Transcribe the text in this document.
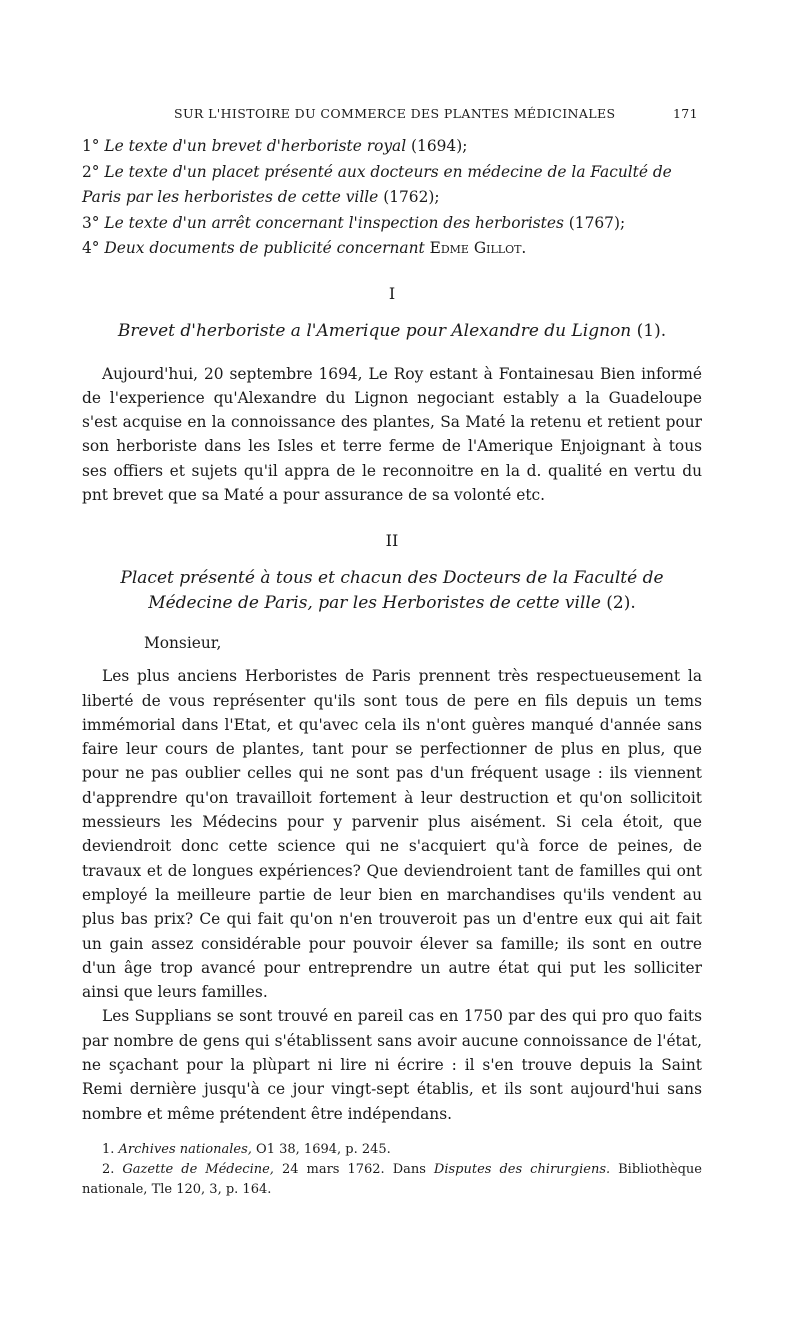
SUR L'HISTOIRE DU COMMERCE DES PLANTES MÉDICINALES	171

1° Le texte d'un brevet d'herboriste royal (1694);

2° Le texte d'un placet présenté aux docteurs en médecine de la Faculté de Paris par les herboristes de cette ville (1762);

3° Le texte d'un arrêt concernant l'inspection des herboristes (1767);

4° Deux documents de publicité concernant Edme Gillot.

I
Brevet d'herboriste a l'Amerique pour Alexandre du Lignon (1).

Aujourd'hui, 20 septembre 1694, Le Roy estant à Fontainesau Bien informé de l'experience qu'Alexandre du Lignon negociant estably a la Guadeloupe s'est acquise en la connoissance des plantes, Sa Maté la retenu et retient pour son herboriste dans les Isles et terre ferme de l'Amerique Enjoignant à tous ses offiers et sujets qu'il appra de le reconnoitre en la d. qualité en vertu du pnt brevet que sa Maté a pour assurance de sa volonté etc.

II
Placet présenté à tous et chacun des Docteurs de la Faculté de Médecine de Paris, par les Herboristes de cette ville (2).
Monsieur,

Les plus anciens Herboristes de Paris prennent très respectueusement la liberté de vous représenter qu'ils sont tous de pere en fils depuis un tems immémorial dans l'Etat, et qu'avec cela ils n'ont guères manqué d'année sans faire leur cours de plantes, tant pour se perfectionner de plus en plus, que pour ne pas oublier celles qui ne sont pas d'un fréquent usage : ils viennent d'apprendre qu'on travailloit fortement à leur destruction et qu'on sollicitoit messieurs les Médecins pour y parvenir plus aisément. Si cela étoit, que deviendroit donc cette science qui ne s'acquiert qu'à force de peines, de travaux et de longues expériences? Que deviendroient tant de familles qui ont employé la meilleure partie de leur bien en marchandises qu'ils vendent au plus bas prix? Ce qui fait qu'on n'en trouveroit pas un d'entre eux qui ait fait un gain assez considérable pour pouvoir élever sa famille; ils sont en outre d'un âge trop avancé pour entreprendre un autre état qui put les solliciter ainsi que leurs familles.

Les Supplians se sont trouvé en pareil cas en 1750 par des qui pro quo faits par nombre de gens qui s'établissent sans avoir aucune connoissance de l'état, ne sçachant pour la plùpart ni lire ni écrire : il s'en trouve depuis la Saint Remi dernière jusqu'à ce jour vingt-sept établis, et ils sont aujourd'hui sans nombre et même prétendent être indépendans.

1. Archives nationales, O1 38, 1694, p. 245.

2. Gazette de Médecine, 24 mars 1762. Dans Disputes des chirurgiens. Bibliothèque nationale, Tle 120, 3, p. 164.
